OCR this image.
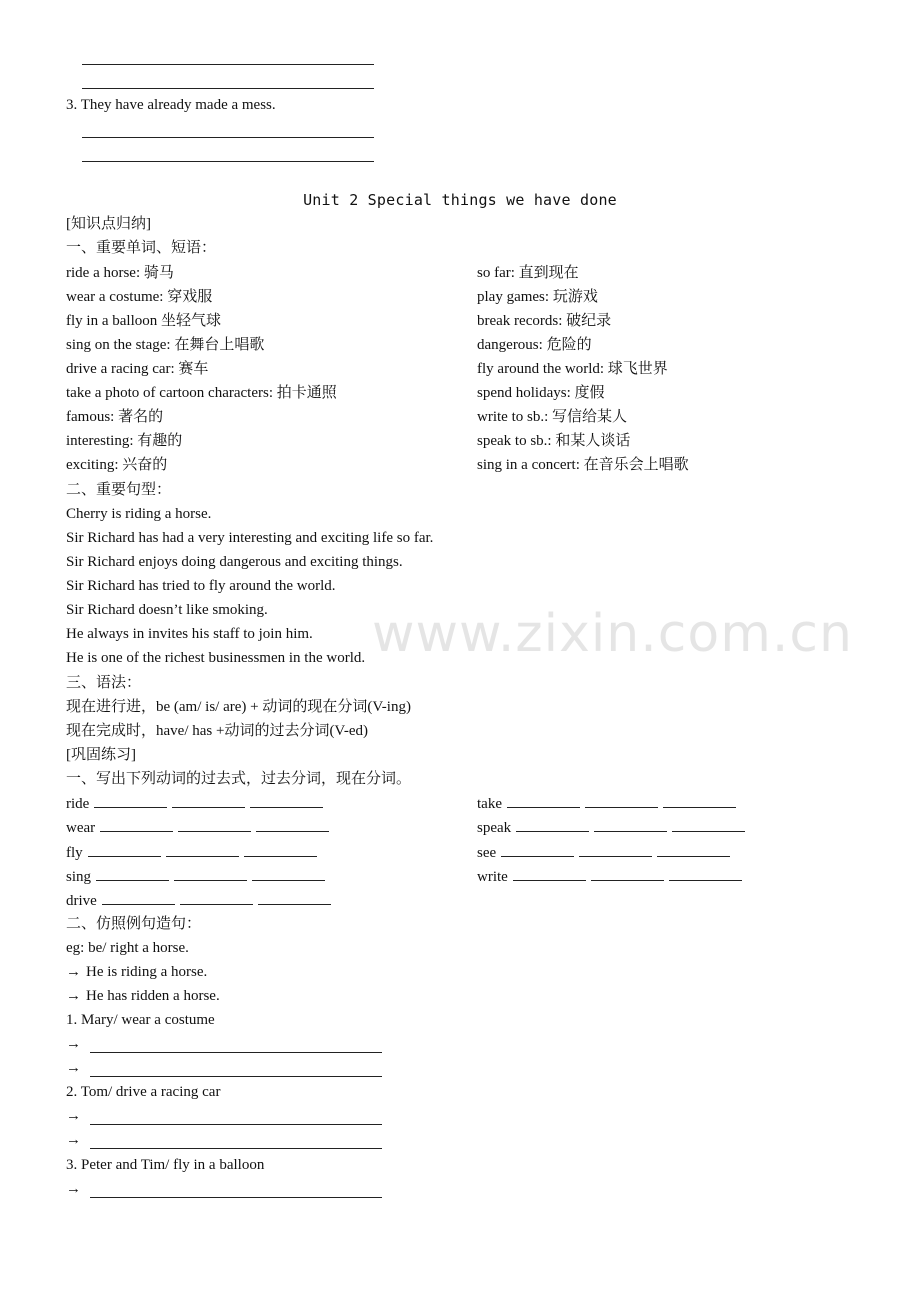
www.zixin.com.cn
3. They have already made a mess.
Unit 2 Special things we have done
[知识点归纳]
一、重要单词、短语：
ride a horse: 骑马
wear a costume: 穿戏服
fly in a balloon 坐轻气球
sing on the stage: 在舞台上唱歌
drive a racing car: 赛车
take a photo of cartoon characters: 拍卡通照
famous: 著名的
interesting: 有趣的
exciting: 兴奋的
so far: 直到现在
play games: 玩游戏
break records: 破纪录
dangerous: 危险的
fly around the world: 球飞世界
spend holidays: 度假
write to sb.: 写信给某人
speak to sb.: 和某人谈话
sing in a concert: 在音乐会上唱歌
二、重要句型：
Cherry is riding a horse.
Sir Richard has had a very interesting and exciting life so far.
Sir Richard enjoys doing dangerous and exciting things.
Sir Richard has tried to fly around the world.
Sir Richard doesn’t like smoking.
He always in invites his staff to join him.
He is one of the richest businessmen in the world.
三、语法：
现在进行进，be (am/ is/ are) + 动词的现在分词(V-ing)
现在完成时，have/ has +动词的过去分词(V-ed)
[巩固练习]
一、写出下列动词的过去式，过去分词，现在分词。
ride
wear
fly
sing
drive
take
speak
see
write
二、仿照例句造句：
eg: be/ right a horse.
→ He is riding a horse.
→ He has ridden a horse.
1. Mary/ wear a costume
→
→
2. Tom/ drive a racing car
→
→
3. Peter and Tim/ fly in a balloon
→
